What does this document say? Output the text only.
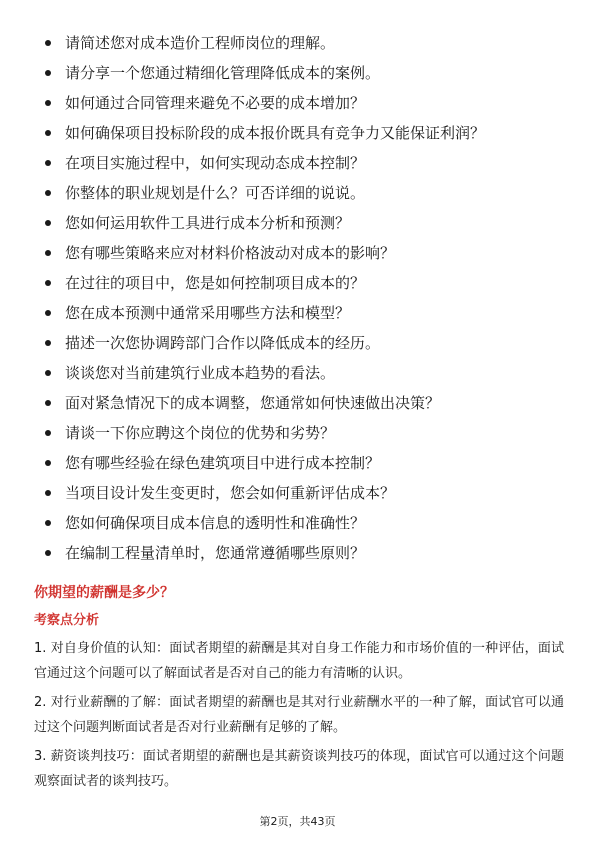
请简述您对成本造价工程师岗位的理解。
请分享一个您通过精细化管理降低成本的案例。
如何通过合同管理来避免不必要的成本增加？
如何确保项目投标阶段的成本报价既具有竞争力又能保证利润？
在项目实施过程中，如何实现动态成本控制？
你整体的职业规划是什么？可否详细的说说。
您如何运用软件工具进行成本分析和预测？
您有哪些策略来应对材料价格波动对成本的影响？
在过往的项目中，您是如何控制项目成本的？
您在成本预测中通常采用哪些方法和模型？
描述一次您协调跨部门合作以降低成本的经历。
谈谈您对当前建筑行业成本趋势的看法。
面对紧急情况下的成本调整，您通常如何快速做出决策？
请谈一下你应聘这个岗位的优势和劣势？
您有哪些经验在绿色建筑项目中进行成本控制？
当项目设计发生变更时，您会如何重新评估成本？
您如何确保项目成本信息的透明性和准确性？
在编制工程量清单时，您通常遵循哪些原则？
你期望的薪酬是多少？
考察点分析

1. 对自身价值的认知：面试者期望的薪酬是其对自身工作能力和市场价值的一种评估，面试官通过这个问题可以了解面试者是否对自己的能力有清晰的认识。

2. 对行业薪酬的了解：面试者期望的薪酬也是其对行业薪酬水平的一种了解，面试官可以通过这个问题判断面试者是否对行业薪酬有足够的了解。

3. 薪资谈判技巧：面试者期望的薪酬也是其薪资谈判技巧的体现，面试官可以通过这个问题观察面试者的谈判技巧。

第2页，共43页
